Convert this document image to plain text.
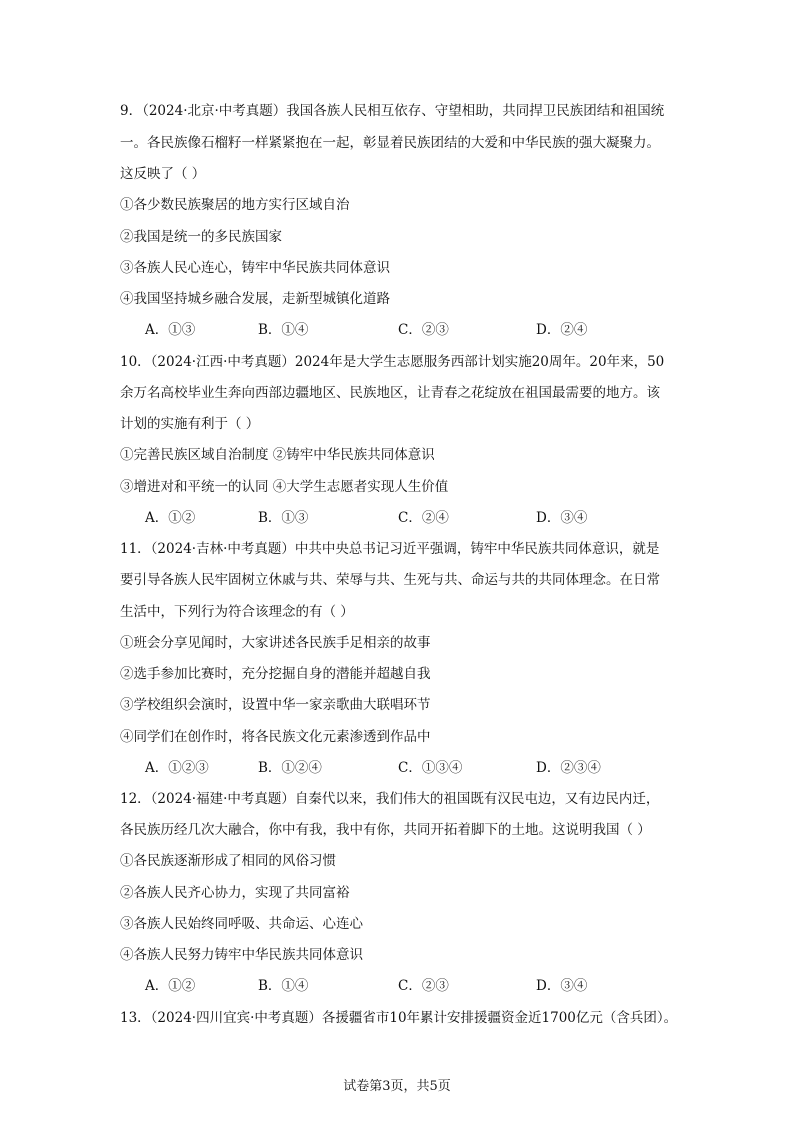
9．（2024·北京·中考真题）我国各族人民相互依存、守望相助，共同捍卫民族团结和祖国统
一。各民族像石榴籽一样紧紧抱在一起，彰显着民族团结的大爱和中华民族的强大凝聚力。
这反映了（ ）
①各少数民族聚居的地方实行区域自治
②我国是统一的多民族国家
③各族人民心连心，铸牢中华民族共同体意识
④我国坚持城乡融合发展，走新型城镇化道路
A．①③	B．①④	C．②③	D．②④
10．（2024·江西·中考真题）2024年是大学生志愿服务西部计划实施20周年。20年来，50
余万名高校毕业生奔向西部边疆地区、民族地区，让青春之花绽放在祖国最需要的地方。该
计划的实施有利于（ ）
①完善民族区域自治制度 ②铸牢中华民族共同体意识
③增进对和平统一的认同 ④大学生志愿者实现人生价值
A．①②	B．①③	C．②④	D．③④
11．（2024·吉林·中考真题）中共中央总书记习近平强调，铸牢中华民族共同体意识，就是
要引导各族人民牢固树立休戚与共、荣辱与共、生死与共、命运与共的共同体理念。在日常
生活中，下列行为符合该理念的有（ ）
①班会分享见闻时，大家讲述各民族手足相亲的故事
②选手参加比赛时，充分挖掘自身的潜能并超越自我
③学校组织会演时，设置中华一家亲歌曲大联唱环节
④同学们在创作时，将各民族文化元素渗透到作品中
A．①②③	B．①②④	C．①③④	D．②③④
12．（2024·福建·中考真题）自秦代以来，我们伟大的祖国既有汉民屯边，又有边民内迁，
各民族历经几次大融合，你中有我，我中有你，共同开拓着脚下的土地。这说明我国（ ）
①各民族逐渐形成了相同的风俗习惯
②各族人民齐心协力，实现了共同富裕
③各族人民始终同呼吸、共命运、心连心
④各族人民努力铸牢中华民族共同体意识
A．①②	B．①④	C．②③	D．③④
13．（2024·四川宜宾·中考真题）各援疆省市10年累计安排援疆资金近1700亿元（含兵团）。
试卷第3页，共5页
